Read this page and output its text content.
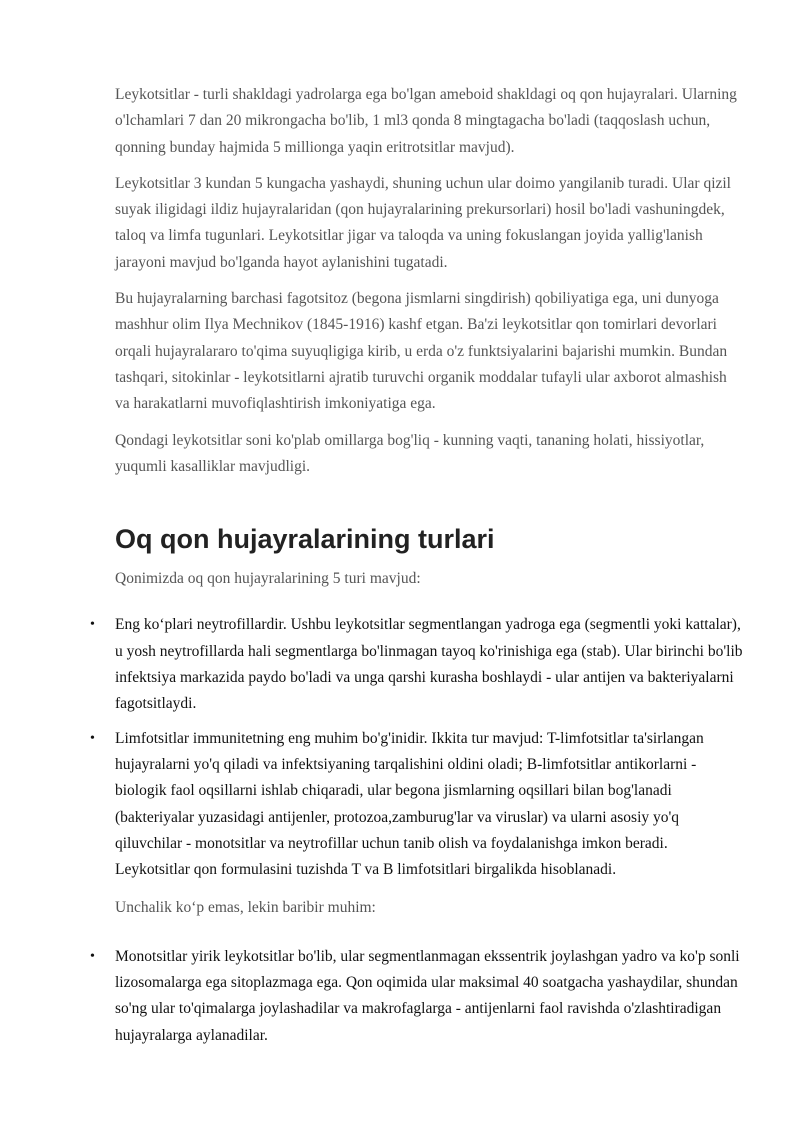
Leykotsitlar - turli shakldagi yadrolarga ega bo'lgan ameboid shakldagi oq qon hujayralari. Ularning o'lchamlari 7 dan 20 mikrongacha bo'lib, 1 ml3 qonda 8 mingtagacha bo'ladi (taqqoslash uchun, qonning bunday hajmida 5 millionga yaqin eritrotsitlar mavjud).

Leykotsitlar 3 kundan 5 kungacha yashaydi, shuning uchun ular doimo yangilanib turadi. Ular qizil suyak iligidagi ildiz hujayralaridan (qon hujayralarining prekursorlari) hosil bo'ladi vashuningdek, taloq va limfa tugunlari. Leykotsitlar jigar va taloqda va uning fokuslangan joyida yallig'lanish jarayoni mavjud bo'lganda hayot aylanishini tugatadi.

Bu hujayralarning barchasi fagotsitoz (begona jismlarni singdirish) qobiliyatiga ega, uni dunyoga mashhur olim Ilya Mechnikov (1845-1916) kashf etgan. Ba'zi leykotsitlar qon tomirlari devorlari orqali hujayralararo to'qima suyuqligiga kirib, u erda o'z funktsiyalarini bajarishi mumkin. Bundan tashqari, sitokinlar - leykotsitlarni ajratib turuvchi organik moddalar tufayli ular axborot almashish va harakatlarni muvofiqlashtirish imkoniyatiga ega.

Qondagi leykotsitlar soni ko'plab omillarga bog'liq - kunning vaqti, tananing holati, hissiyotlar, yuqumli kasalliklar mavjudligi.

Oq qon hujayralarining turlari

Qonimizda oq qon hujayralarining 5 turi mavjud:

• Eng ko‘plari neytrofillardir. Ushbu leykotsitlar segmentlangan yadroga ega (segmentli yoki kattalar), u yosh neytrofillarda hali segmentlarga bo'linmagan tayoq ko'rinishiga ega (stab). Ular birinchi bo'lib infektsiya markazida paydo bo'ladi va unga qarshi kurasha boshlaydi - ular antijen va bakteriyalarni fagotsitlaydi.
• Limfotsitlar immunitetning eng muhim bo'g'inidir. Ikkita tur mavjud: T-limfotsitlar ta'sirlangan hujayralarni yo'q qiladi va infektsiyaning tarqalishini oldini oladi; B-limfotsitlar antikorlarni - biologik faol oqsillarni ishlab chiqaradi, ular begona jismlarning oqsillari bilan bog'lanadi (bakteriyalar yuzasidagi antijenler, protozoa,zamburug'lar va viruslar) va ularni asosiy yo'q qiluvchilar - monotsitlar va neytrofillar uchun tanib olish va foydalanishga imkon beradi. Leykotsitlar qon formulasini tuzishda T va B limfotsitlari birgalikda hisoblanadi.

Unchalik ko‘p emas, lekin baribir muhim:

• Monotsitlar yirik leykotsitlar bo'lib, ular segmentlanmagan ekssentrik joylashgan yadro va ko'p sonli lizosomalarga ega sitoplazmaga ega. Qon oqimida ular maksimal 40 soatgacha yashaydilar, shundan so'ng ular to'qimalarga joylashadilar va makrofaglarga - antijenlarni faol ravishda o'zlashtiradigan hujayralarga aylanadilar.
